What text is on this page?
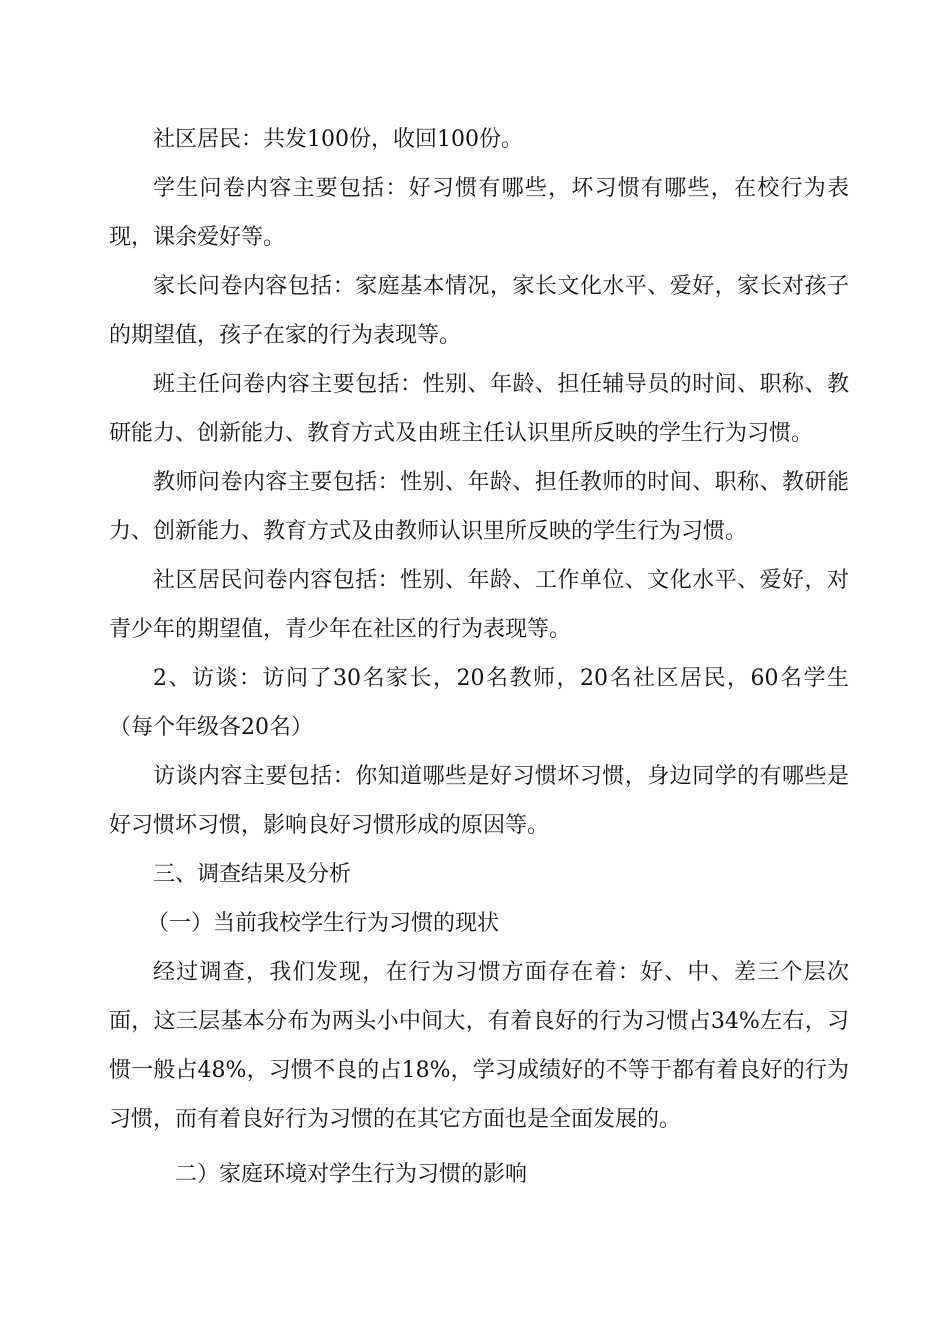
社区居民：共发100份，收回100份。

学生问卷内容主要包括：好习惯有哪些，坏习惯有哪些，在校行为表现，课余爱好等。

家长问卷内容包括：家庭基本情况，家长文化水平、爱好，家长对孩子的期望值，孩子在家的行为表现等。

班主任问卷内容主要包括：性别、年龄、担任辅导员的时间、职称、教研能力、创新能力、教育方式及由班主任认识里所反映的学生行为习惯。

教师问卷内容主要包括：性别、年龄、担任教师的时间、职称、教研能力、创新能力、教育方式及由教师认识里所反映的学生行为习惯。

社区居民问卷内容包括：性别、年龄、工作单位、文化水平、爱好，对青少年的期望值，青少年在社区的行为表现等。

2、访谈：访问了30名家长，20名教师，20名社区居民，60名学生（每个年级各20名）

访谈内容主要包括：你知道哪些是好习惯坏习惯，身边同学的有哪些是好习惯坏习惯，影响良好习惯形成的原因等。

三、调查结果及分析

（一）当前我校学生行为习惯的现状

经过调查，我们发现，在行为习惯方面存在着：好、中、差三个层次面，这三层基本分布为两头小中间大，有着良好的行为习惯占34%左右，习惯一般占48%，习惯不良的占18%，学习成绩好的不等于都有着良好的行为习惯，而有着良好行为习惯的在其它方面也是全面发展的。

二）家庭环境对学生行为习惯的影响
